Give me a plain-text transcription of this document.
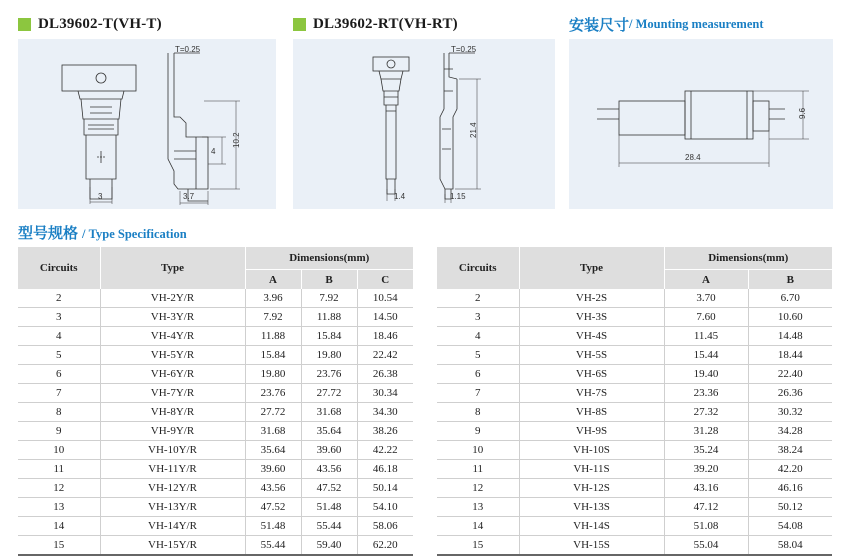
DL39602-T(VH-T)	DL39602-RT(VH-RT)	安装尺寸 / Mounting measurement
T=0.25
3	3.7
4
10.2
T=0.25
1.4	1.15
21.4
28.4
9.6
型号规格 / Type Specification
Circuits	Type	Dimensions(mm)		
		A	B	C
2	VH-2Y/R	3.96	7.92	10.54
3	VH-3Y/R	7.92	11.88	14.50
4	VH-4Y/R	11.88	15.84	18.46
5	VH-5Y/R	15.84	19.80	22.42
6	VH-6Y/R	19.80	23.76	26.38
7	VH-7Y/R	23.76	27.72	30.34
8	VH-8Y/R	27.72	31.68	34.30
9	VH-9Y/R	31.68	35.64	38.26
10	VH-10Y/R	35.64	39.60	42.22
11	VH-11Y/R	39.60	43.56	46.18
12	VH-12Y/R	43.56	47.52	50.14
13	VH-13Y/R	47.52	51.48	54.10
14	VH-14Y/R	51.48	55.44	58.06
15	VH-15Y/R	55.44	59.40	62.20
Circuits	Type	Dimensions(mm)	
		A	B
2	VH-2S	3.70	6.70
3	VH-3S	7.60	10.60
4	VH-4S	11.45	14.48
5	VH-5S	15.44	18.44
6	VH-6S	19.40	22.40
7	VH-7S	23.36	26.36
8	VH-8S	27.32	30.32
9	VH-9S	31.28	34.28
10	VH-10S	35.24	38.24
11	VH-11S	39.20	42.20
12	VH-12S	43.16	46.16
13	VH-13S	47.12	50.12
14	VH-14S	51.08	54.08
15	VH-15S	55.04	58.04
